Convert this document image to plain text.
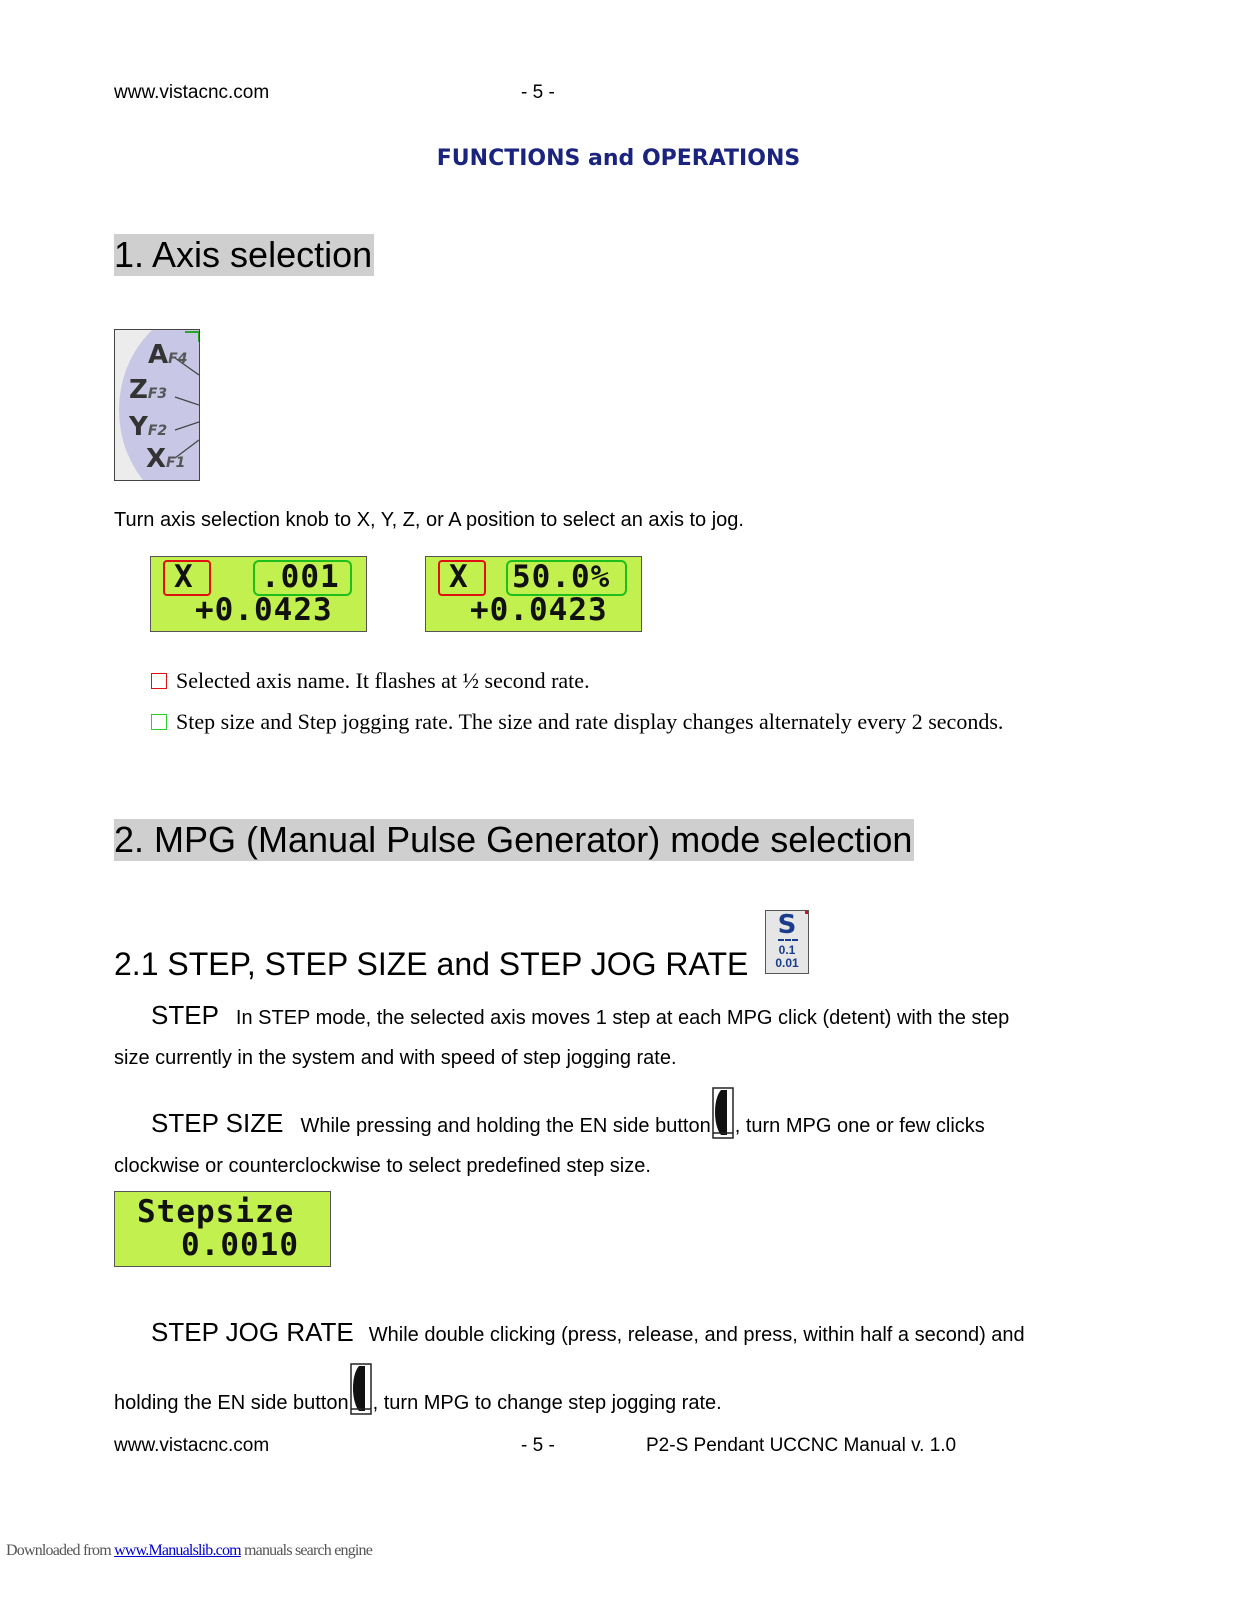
www.vistacnc.com	- 5 -
FUNCTIONS and OPERATIONS
1. Axis selection
AF4
ZF3
YF2
XF1
Turn axis selection knob to X, Y, Z, or A position to select an axis to jog.
X .001
+0.0423
X 50.0%
+0.0423
Selected axis name. It flashes at ½ second rate.
Step size and Step jogging rate. The size and rate display changes alternately every 2 seconds.
2. MPG (Manual Pulse Generator) mode selection
2.1 STEP, STEP SIZE and STEP JOG RATE
S
0.1
0.01
STEP In STEP mode, the selected axis moves 1 step at each MPG click (detent) with the step
size currently in the system and with speed of step jogging rate.
STEP SIZE While pressing and holding the EN side button , turn MPG one or few clicks
clockwise or counterclockwise to select predefined step size.
Stepsize
0.0010
STEP JOG RATE While double clicking (press, release, and press, within half a second) and
holding the EN side button , turn MPG to change step jogging rate.
www.vistacnc.com	- 5 -	P2-S Pendant UCCNC Manual v. 1.0
Downloaded from www.Manualslib.com manuals search engine
